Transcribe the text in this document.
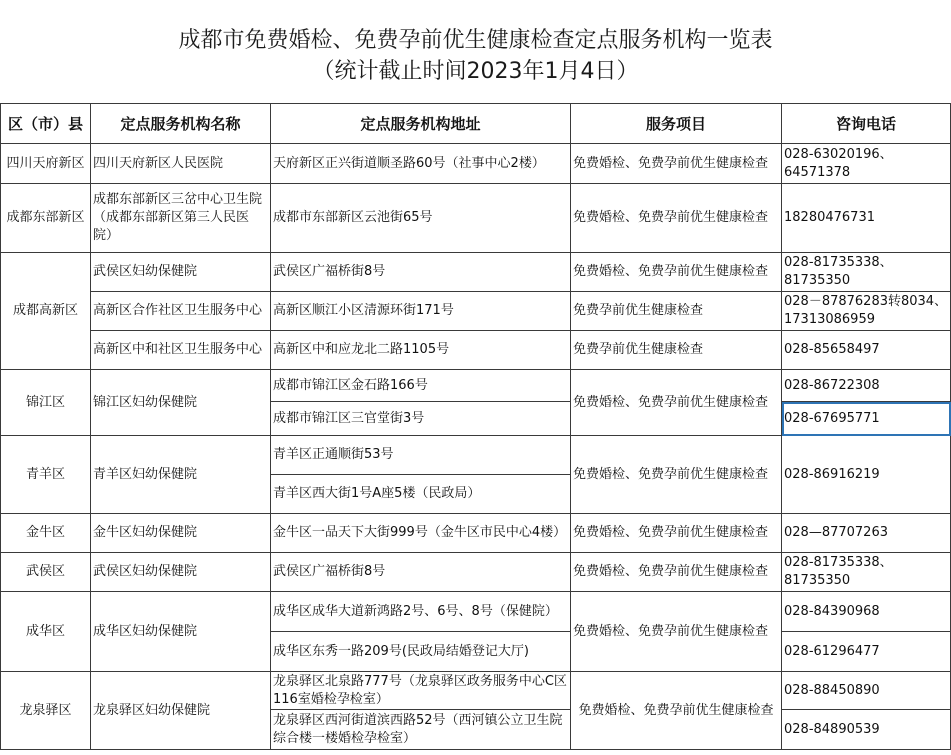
成都市免费婚检、免费孕前优生健康检查定点服务机构一览表
（统计截止时间2023年1月4日）
区（市）县	定点服务机构名称	定点服务机构地址	服务项目	咨询电话
四川天府新区	四川天府新区人民医院	天府新区正兴街道顺圣路60号（社事中心2楼）	免费婚检、免费孕前优生健康检查	028-63020196、64571378
成都东部新区	成都东部新区三岔中心卫生院（成都东部新区第三人民医院）	成都市东部新区云池街65号	免费婚检、免费孕前优生健康检查	18280476731
成都高新区	武侯区妇幼保健院	武侯区广福桥街8号	免费婚检、免费孕前优生健康检查	028-81735338、81735350
	高新区合作社区卫生服务中心	高新区顺江小区清源环街171号	免费孕前优生健康检查	028－87876283转8034、17313086959
	高新区中和社区卫生服务中心	高新区中和应龙北二路1105号	免费孕前优生健康检查	028-85658497
锦江区	锦江区妇幼保健院	成都市锦江区金石路166号	免费婚检、免费孕前优生健康检查	028-86722308
		成都市锦江区三官堂街3号		028-67695771
青羊区	青羊区妇幼保健院	青羊区正通顺街53号	免费婚检、免费孕前优生健康检查	028-86916219
		青羊区西大街1号A座5楼（民政局）		
金牛区	金牛区妇幼保健院	金牛区一品天下大街999号（金牛区市民中心4楼）	免费婚检、免费孕前优生健康检查	028—87707263
武侯区	武侯区妇幼保健院	武侯区广福桥街8号	免费婚检、免费孕前优生健康检查	028-81735338、81735350
成华区	成华区妇幼保健院	成华区成华大道新鸿路2号、6号、8号（保健院）	免费婚检、免费孕前优生健康检查	028-84390968
		成华区东秀一路209号(民政局结婚登记大厅)		028-61296477
龙泉驿区	龙泉驿区妇幼保健院	龙泉驿区北泉路777号（龙泉驿区政务服务中心C区116室婚检孕检室）	免费婚检、免费孕前优生健康检查	028-88450890
		龙泉驿区西河街道滨西路52号（西河镇公立卫生院综合楼一楼婚检孕检室）		028-84890539
